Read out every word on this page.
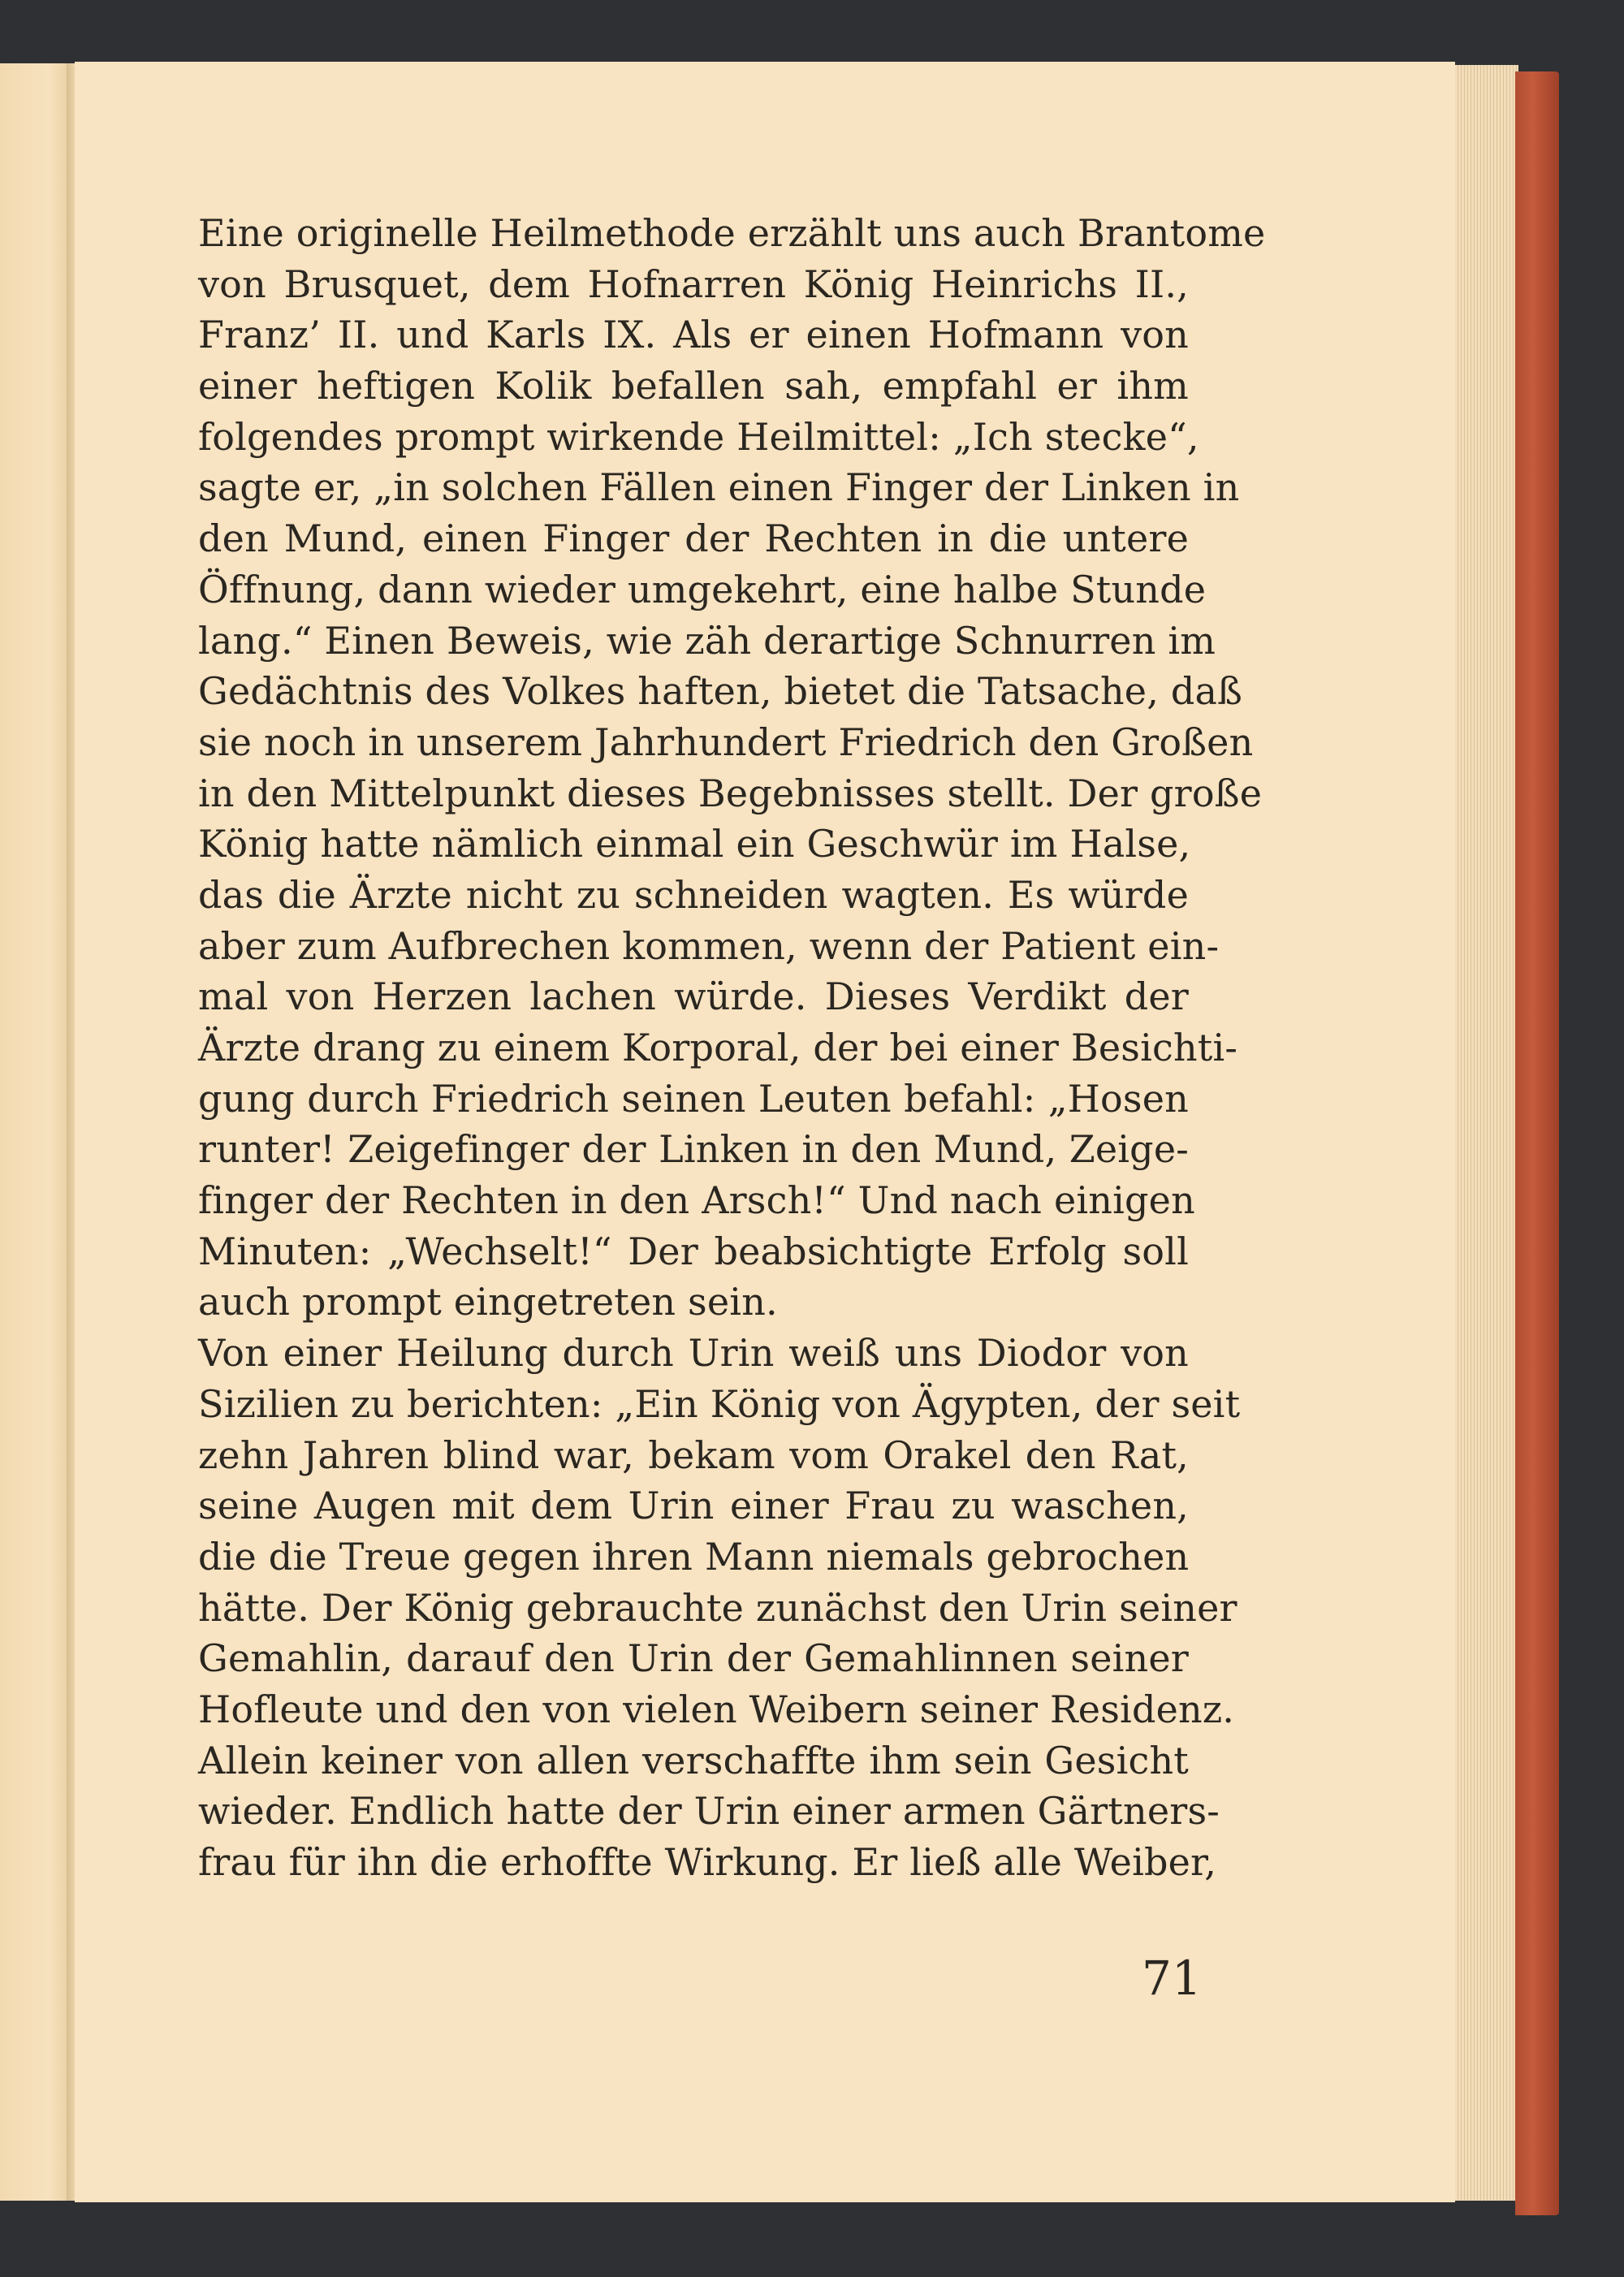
Eine originelle Heilmethode erzählt uns auch Brantome
von Brusquet, dem Hofnarren König Heinrichs II.,
Franz’ II. und Karls IX. Als er einen Hofmann von
einer heftigen Kolik befallen sah, empfahl er ihm
folgendes prompt wirkende Heilmittel: „Ich stecke“,
sagte er, „in solchen Fällen einen Finger der Linken in
den Mund, einen Finger der Rechten in die untere
Öffnung, dann wieder umgekehrt, eine halbe Stunde
lang.“ Einen Beweis, wie zäh derartige Schnurren im
Gedächtnis des Volkes haften, bietet die Tatsache, daß
sie noch in unserem Jahrhundert Friedrich den Großen
in den Mittelpunkt dieses Begebnisses stellt. Der große
König hatte nämlich einmal ein Geschwür im Halse,
das die Ärzte nicht zu schneiden wagten. Es würde
aber zum Aufbrechen kommen, wenn der Patient ein-
mal von Herzen lachen würde. Dieses Verdikt der
Ärzte drang zu einem Korporal, der bei einer Besichti-
gung durch Friedrich seinen Leuten befahl: „Hosen
runter! Zeigefinger der Linken in den Mund, Zeige-
finger der Rechten in den Arsch!“ Und nach einigen
Minuten: „Wechselt!“ Der beabsichtigte Erfolg soll
auch prompt eingetreten sein.
Von einer Heilung durch Urin weiß uns Diodor von
Sizilien zu berichten: „Ein König von Ägypten, der seit
zehn Jahren blind war, bekam vom Orakel den Rat,
seine Augen mit dem Urin einer Frau zu waschen,
die die Treue gegen ihren Mann niemals gebrochen
hätte. Der König gebrauchte zunächst den Urin seiner
Gemahlin, darauf den Urin der Gemahlinnen seiner
Hofleute und den von vielen Weibern seiner Residenz.
Allein keiner von allen verschaffte ihm sein Gesicht
wieder. Endlich hatte der Urin einer armen Gärtners-
frau für ihn die erhoffte Wirkung. Er ließ alle Weiber,
71
